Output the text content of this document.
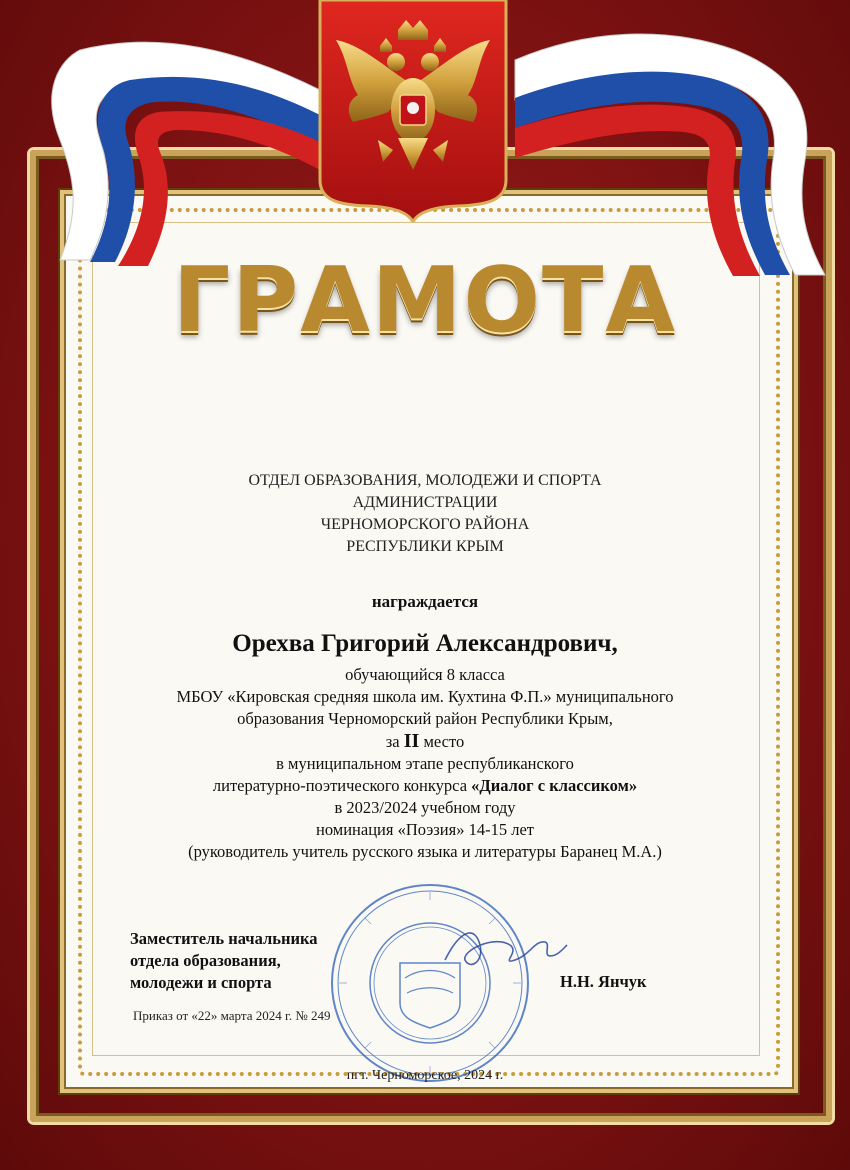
ГРАМОТА
ОТДЕЛ ОБРАЗОВАНИЯ, МОЛОДЕЖИ И СПОРТА
АДМИНИСТРАЦИИ
ЧЕРНОМОРСКОГО РАЙОНА
РЕСПУБЛИКИ КРЫМ
награждается
Орехва Григорий Александрович,
обучающийся 8 класса
МБОУ «Кировская средняя школа им. Кухтина Ф.П.» муниципального
образования Черноморский район Республики Крым,
за II место
в муниципальном этапе республиканского
литературно-поэтического конкурса «Диалог с классиком»
в 2023/2024 учебном году
номинация «Поэзия» 14-15 лет
(руководитель учитель русского языка и литературы Баранец М.А.)
Заместитель начальника
отдела образования,
молодежи и спорта	Н.Н. Янчук
Приказ от «22» марта 2024 г. № 249
пгт. Черноморское, 2024 г.
